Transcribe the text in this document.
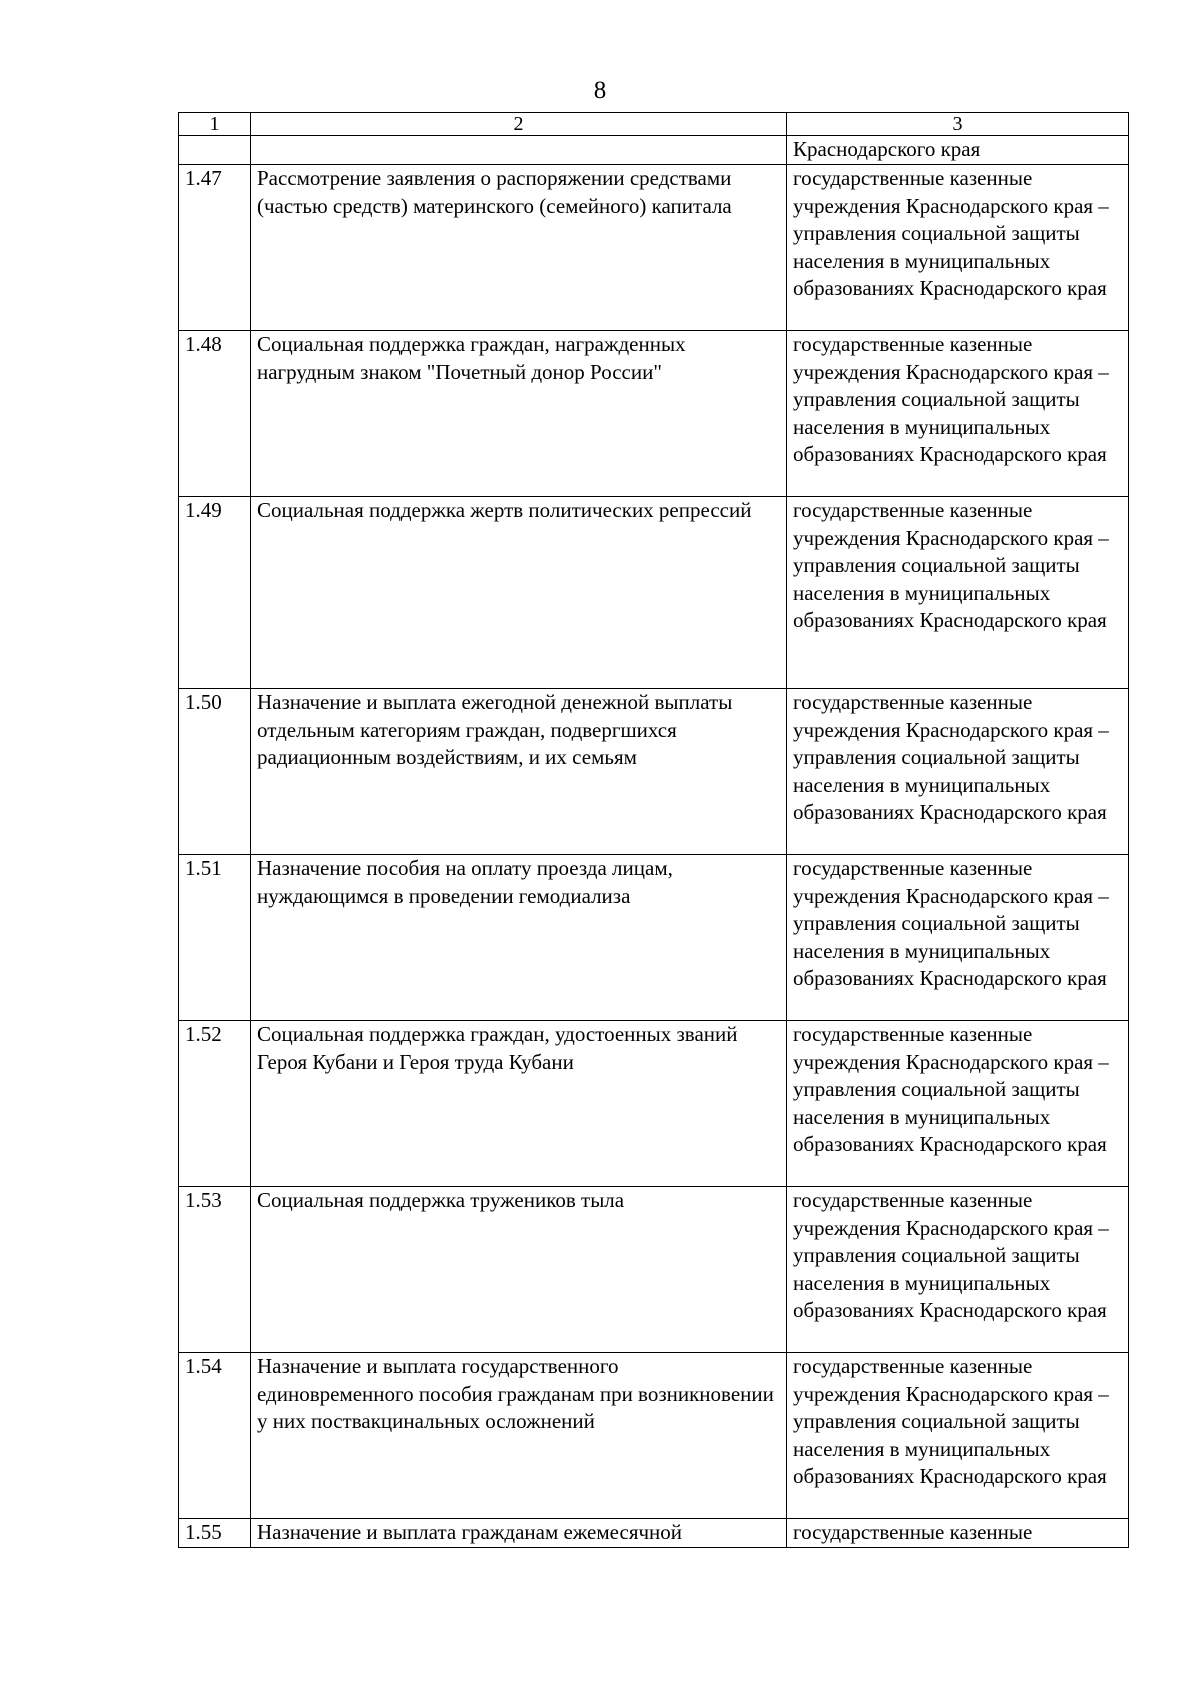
8
1	2	3
		Краснодарского края
1.47	Рассмотрение заявления о распоряжении средствами (частью средств) материнского (семейного) капитала	государственные казенные учреждения Краснодарского края – управления социальной защиты населения в муниципальных образованиях Краснодарского края
1.48	Социальная поддержка граждан, награжденных нагрудным знаком "Почетный донор России"	государственные казенные учреждения Краснодарского края – управления социальной защиты населения в муниципальных образованиях Краснодарского края
1.49	Социальная поддержка жертв политических репрессий	государственные казенные учреждения Краснодарского края – управления социальной защиты населения в муниципальных образованиях Краснодарского края
1.50	Назначение и выплата ежегодной денежной выплаты отдельным категориям граждан, подвергшихся радиационным воздействиям, и их семьям	государственные казенные учреждения Краснодарского края – управления социальной защиты населения в муниципальных образованиях Краснодарского края
1.51	Назначение пособия на оплату проезда лицам, нуждающимся в проведении гемодиализа	государственные казенные учреждения Краснодарского края – управления социальной защиты населения в муниципальных образованиях Краснодарского края
1.52	Социальная поддержка граждан, удостоенных званий Героя Кубани и Героя труда Кубани	государственные казенные учреждения Краснодарского края – управления социальной защиты населения в муниципальных образованиях Краснодарского края
1.53	Социальная поддержка тружеников тыла	государственные казенные учреждения Краснодарского края – управления социальной защиты населения в муниципальных образованиях Краснодарского края
1.54	Назначение и выплата государственного единовременного пособия гражданам при возникновении у них поствакцинальных осложнений	государственные казенные учреждения Краснодарского края – управления социальной защиты населения в муниципальных образованиях Краснодарского края
1.55	Назначение и выплата гражданам ежемесячной	государственные казенные
